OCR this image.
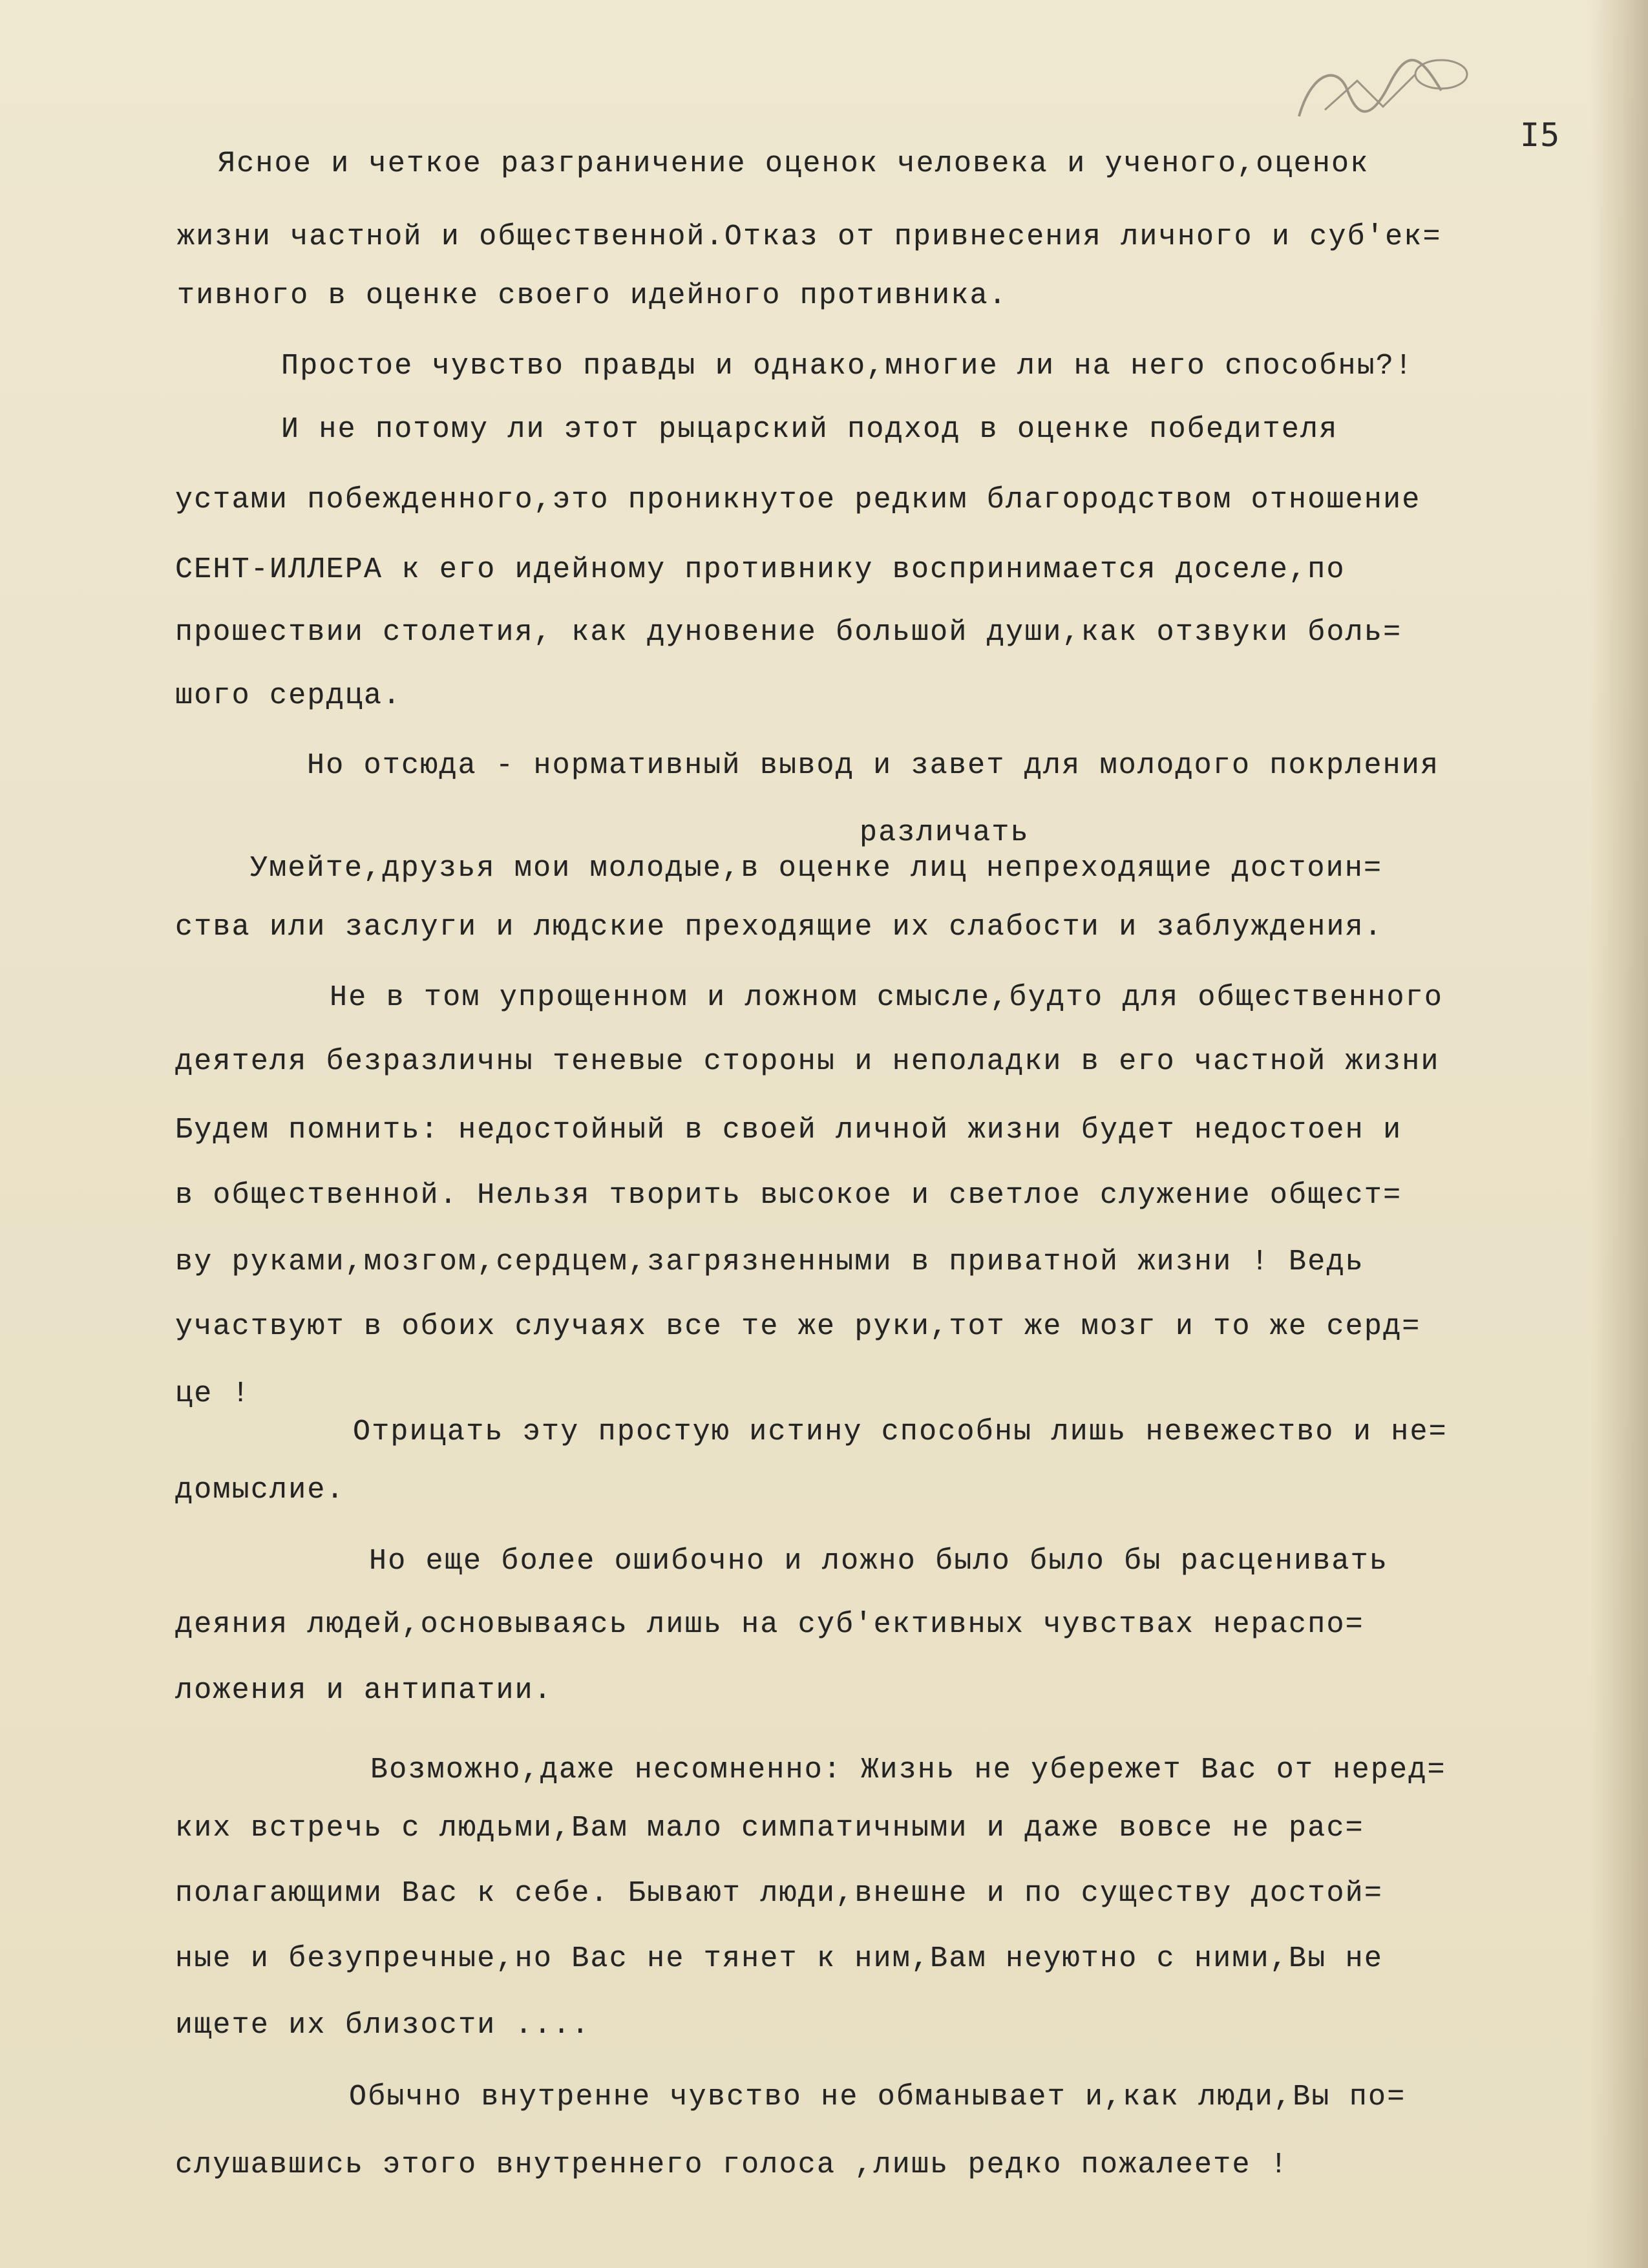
I5
Ясное и четкое разграничение оценок человека и ученого,оценок
жизни частной и общественной.Отказ от привнесения личного и суб'ек=
тивного в оценке своего идейного противника.
Простое чувство правды и однако,многие ли на него способны?!
И не потому ли этот рыцарский подход в оценке победителя
устами побежденного,это проникнутое редким благородством отношение
СЕНТ-ИЛЛЕРА к его идейному противнику воспринимается доселе,по
прошествии столетия, как дуновение большой души,как отзвуки боль=
шого сердца.
Но отсюда - нормативный вывод и завет для молодого покрления
различать
Умейте,друзья мои молодые,в оценке лиц непреходящие достоин=
ства или заслуги и людские преходящие их слабости и заблуждения.
Не в том упрощенном и ложном смысле,будто для общественного
деятеля безразличны теневые стороны и неполадки в его частной жизни
Будем помнить: недостойный в своей личной жизни будет недостоен и
в общественной. Нельзя творить высокое и светлое служение общест=
ву руками,мозгом,сердцем,загрязненными в приватной жизни ! Ведь
участвуют в обоих случаях все те же руки,тот же мозг и то же серд=
це !
Отрицать эту простую истину способны лишь невежество и не=
домыслие.
Но еще более ошибочно и ложно было было бы расценивать
деяния людей,основываясь лишь на суб'ективных чувствах нераспо=
ложения и антипатии.
Возможно,даже несомненно: Жизнь не убережет Вас от неред=
ких встречь с людьми,Вам мало симпатичными и даже вовсе не рас=
полагающими Вас к себе. Бывают люди,внешне и по существу достой=
ные и безупречные,но Вас не тянет к ним,Вам неуютно с ними,Вы не
ищете их близости ....
Обычно внутренне чувство не обманывает и,как люди,Вы по=
слушавшись этого внутреннего голоса ,лишь редко пожалеете !
